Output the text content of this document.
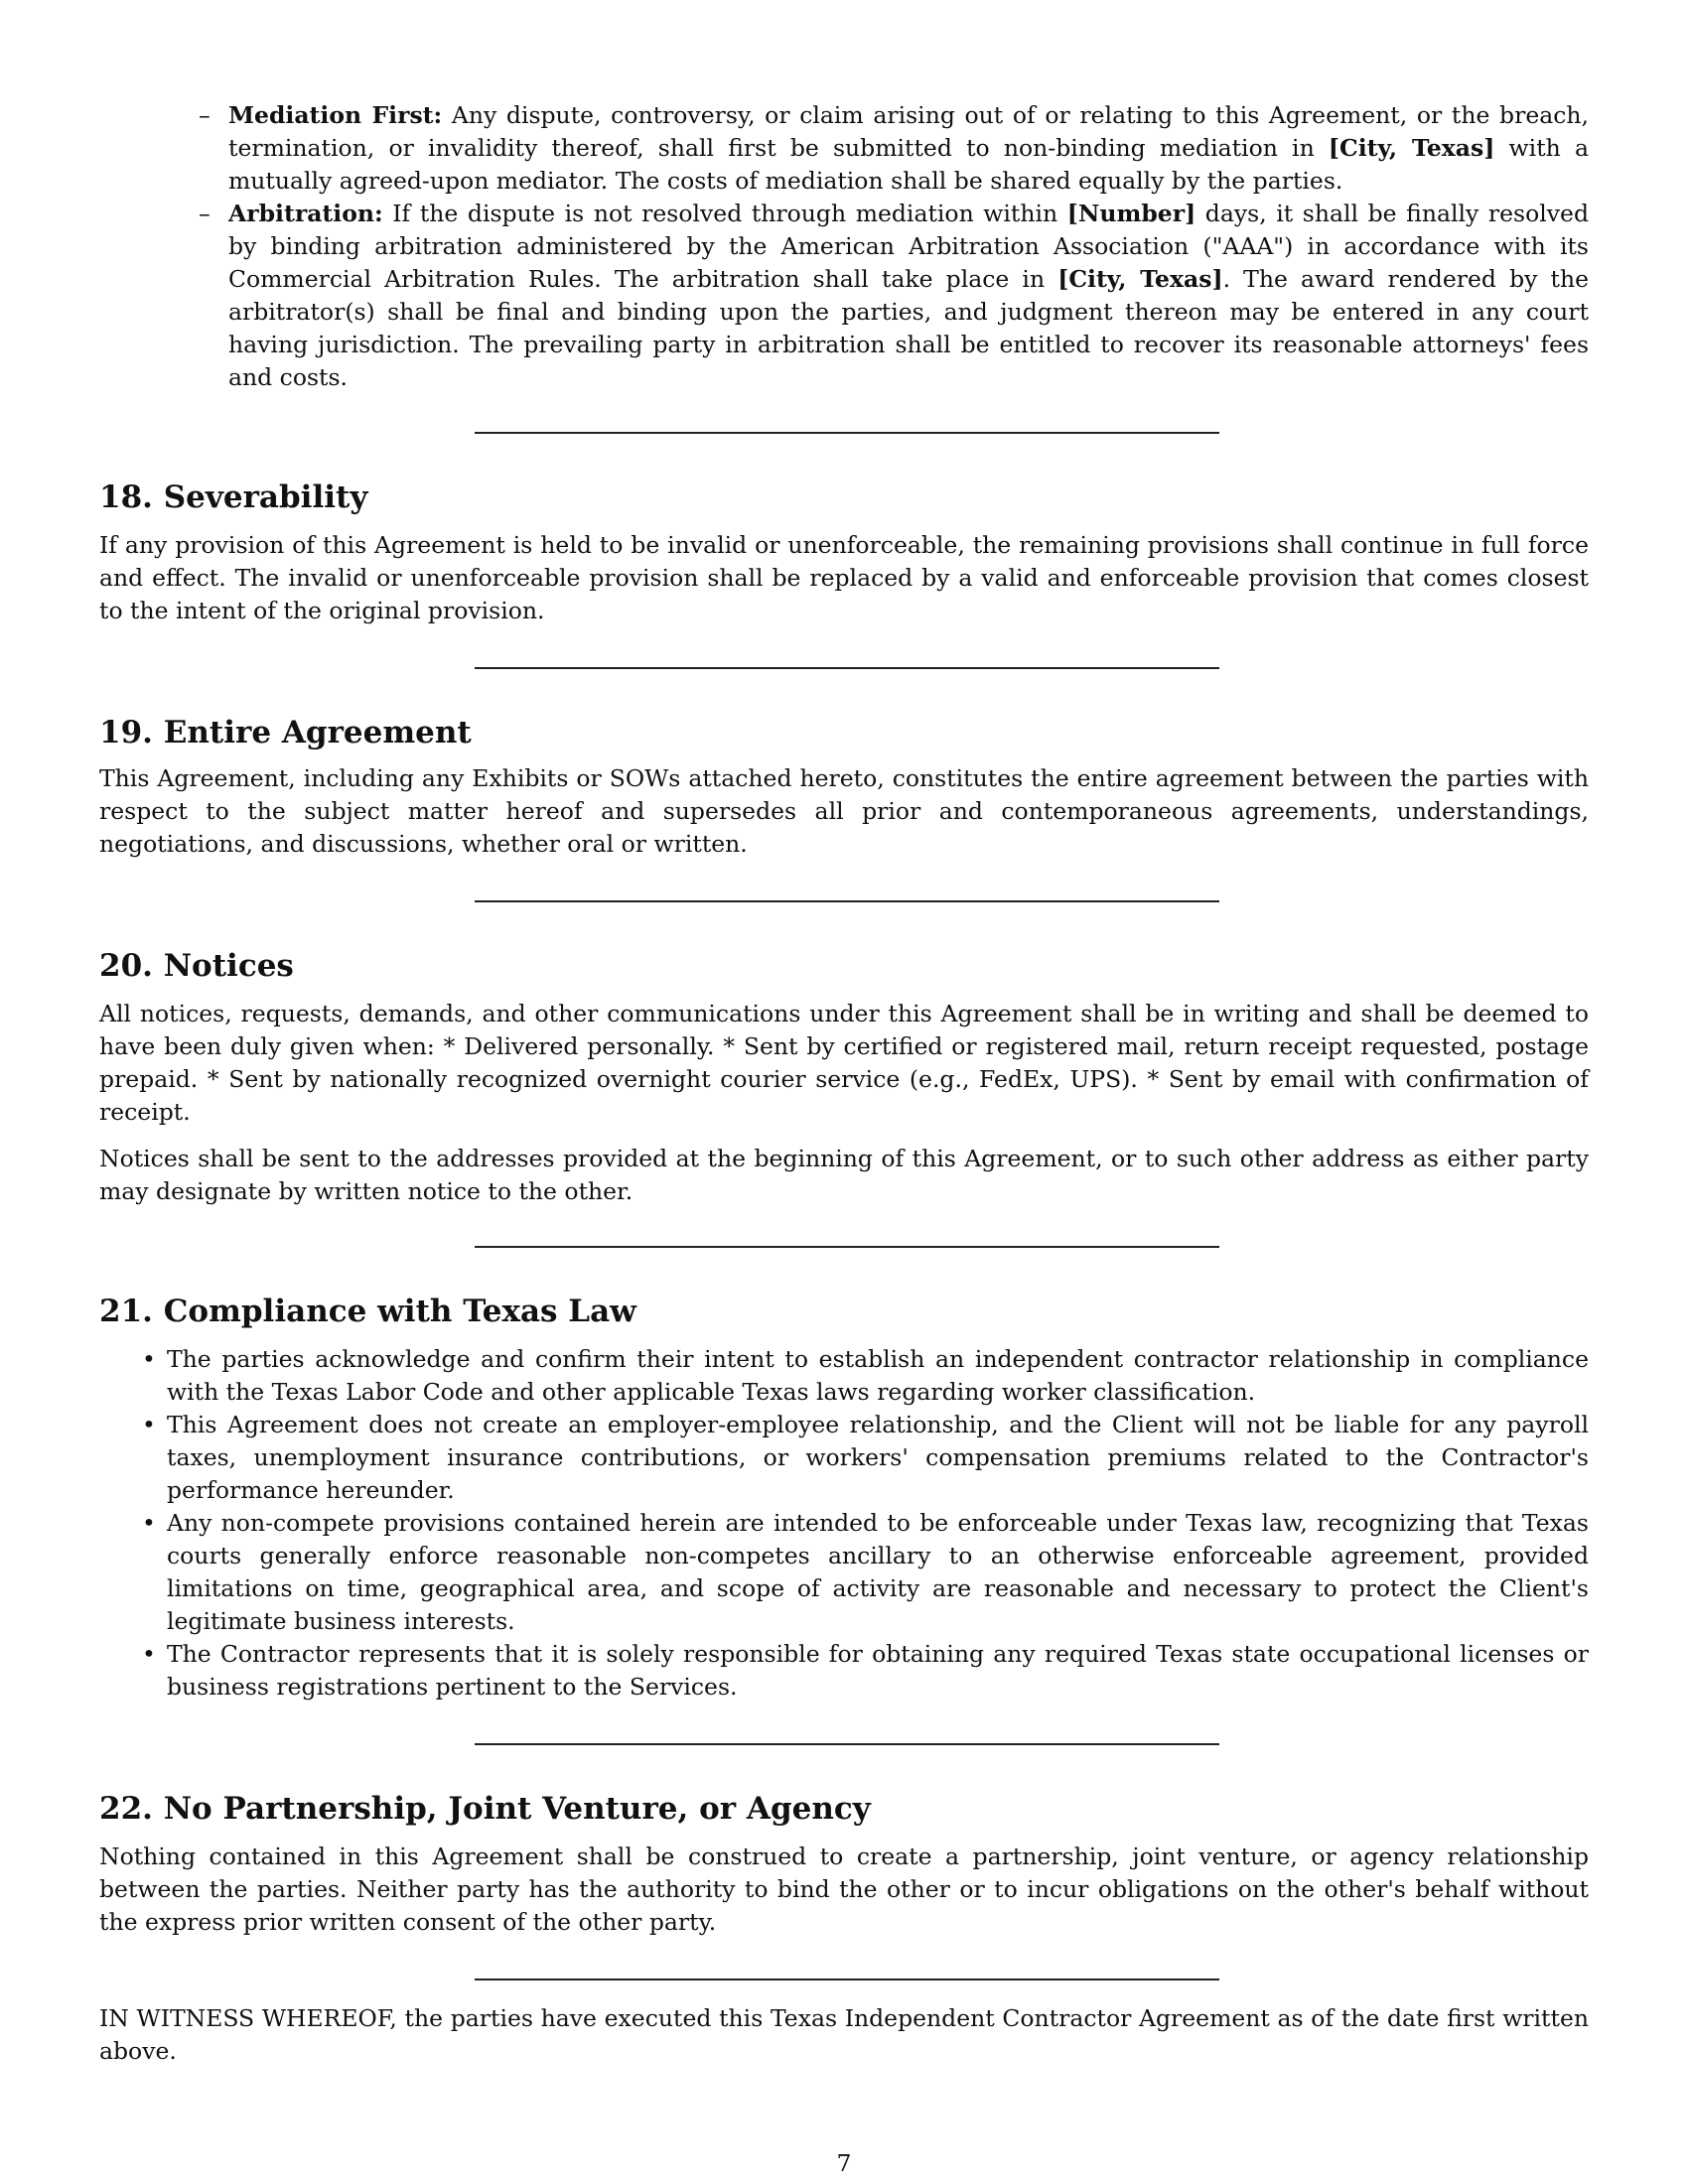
– Mediation First: Any dispute, controversy, or claim arising out of or relating to this Agreement, or the breach, termination, or invalidity thereof, shall first be submitted to non-binding mediation in [City, Texas] with a mutually agreed-upon mediator. The costs of mediation shall be shared equally by the parties.
– Arbitration: If the dispute is not resolved through mediation within [Number] days, it shall be finally resolved by binding arbitration administered by the American Arbitration Association ("AAA") in accordance with its Commercial Arbitration Rules. The arbitration shall take place in [City, Texas]. The award rendered by the arbitrator(s) shall be final and binding upon the parties, and judgment thereon may be entered in any court having jurisdiction. The prevailing party in arbitration shall be entitled to recover its reasonable attorneys' fees and costs.
18. Severability

If any provision of this Agreement is held to be invalid or unenforceable, the remaining provisions shall continue in full force and effect. The invalid or unenforceable provision shall be replaced by a valid and enforceable provision that comes closest to the intent of the original provision.

19. Entire Agreement

This Agreement, including any Exhibits or SOWs attached hereto, constitutes the entire agreement between the parties with respect to the subject matter hereof and supersedes all prior and contemporaneous agreements, understandings, negotiations, and discussions, whether oral or written.

20. Notices

All notices, requests, demands, and other communications under this Agreement shall be in writing and shall be deemed to have been duly given when: * Delivered personally. * Sent by certified or registered mail, return receipt requested, postage prepaid. * Sent by nationally recognized overnight courier service (e.g., FedEx, UPS). * Sent by email with confirmation of receipt.

Notices shall be sent to the addresses provided at the beginning of this Agreement, or to such other address as either party may designate by written notice to the other.

21. Compliance with Texas Law
• The parties acknowledge and confirm their intent to establish an independent contractor relationship in compliance with the Texas Labor Code and other applicable Texas laws regarding worker classification.
• This Agreement does not create an employer-employee relationship, and the Client will not be liable for any payroll taxes, unemployment insurance contributions, or workers' compensation premiums related to the Contractor's performance hereunder.
• Any non-compete provisions contained herein are intended to be enforceable under Texas law, recognizing that Texas courts generally enforce reasonable non-competes ancillary to an otherwise enforceable agreement, provided limitations on time, geographical area, and scope of activity are reasonable and necessary to protect the Client's legitimate business interests.
• The Contractor represents that it is solely responsible for obtaining any required Texas state occupational licenses or business registrations pertinent to the Services.
22. No Partnership, Joint Venture, or Agency

Nothing contained in this Agreement shall be construed to create a partnership, joint venture, or agency relationship between the parties. Neither party has the authority to bind the other or to incur obligations on the other's behalf without the express prior written consent of the other party.

IN WITNESS WHEREOF, the parties have executed this Texas Independent Contractor Agreement as of the date first written above.

7
